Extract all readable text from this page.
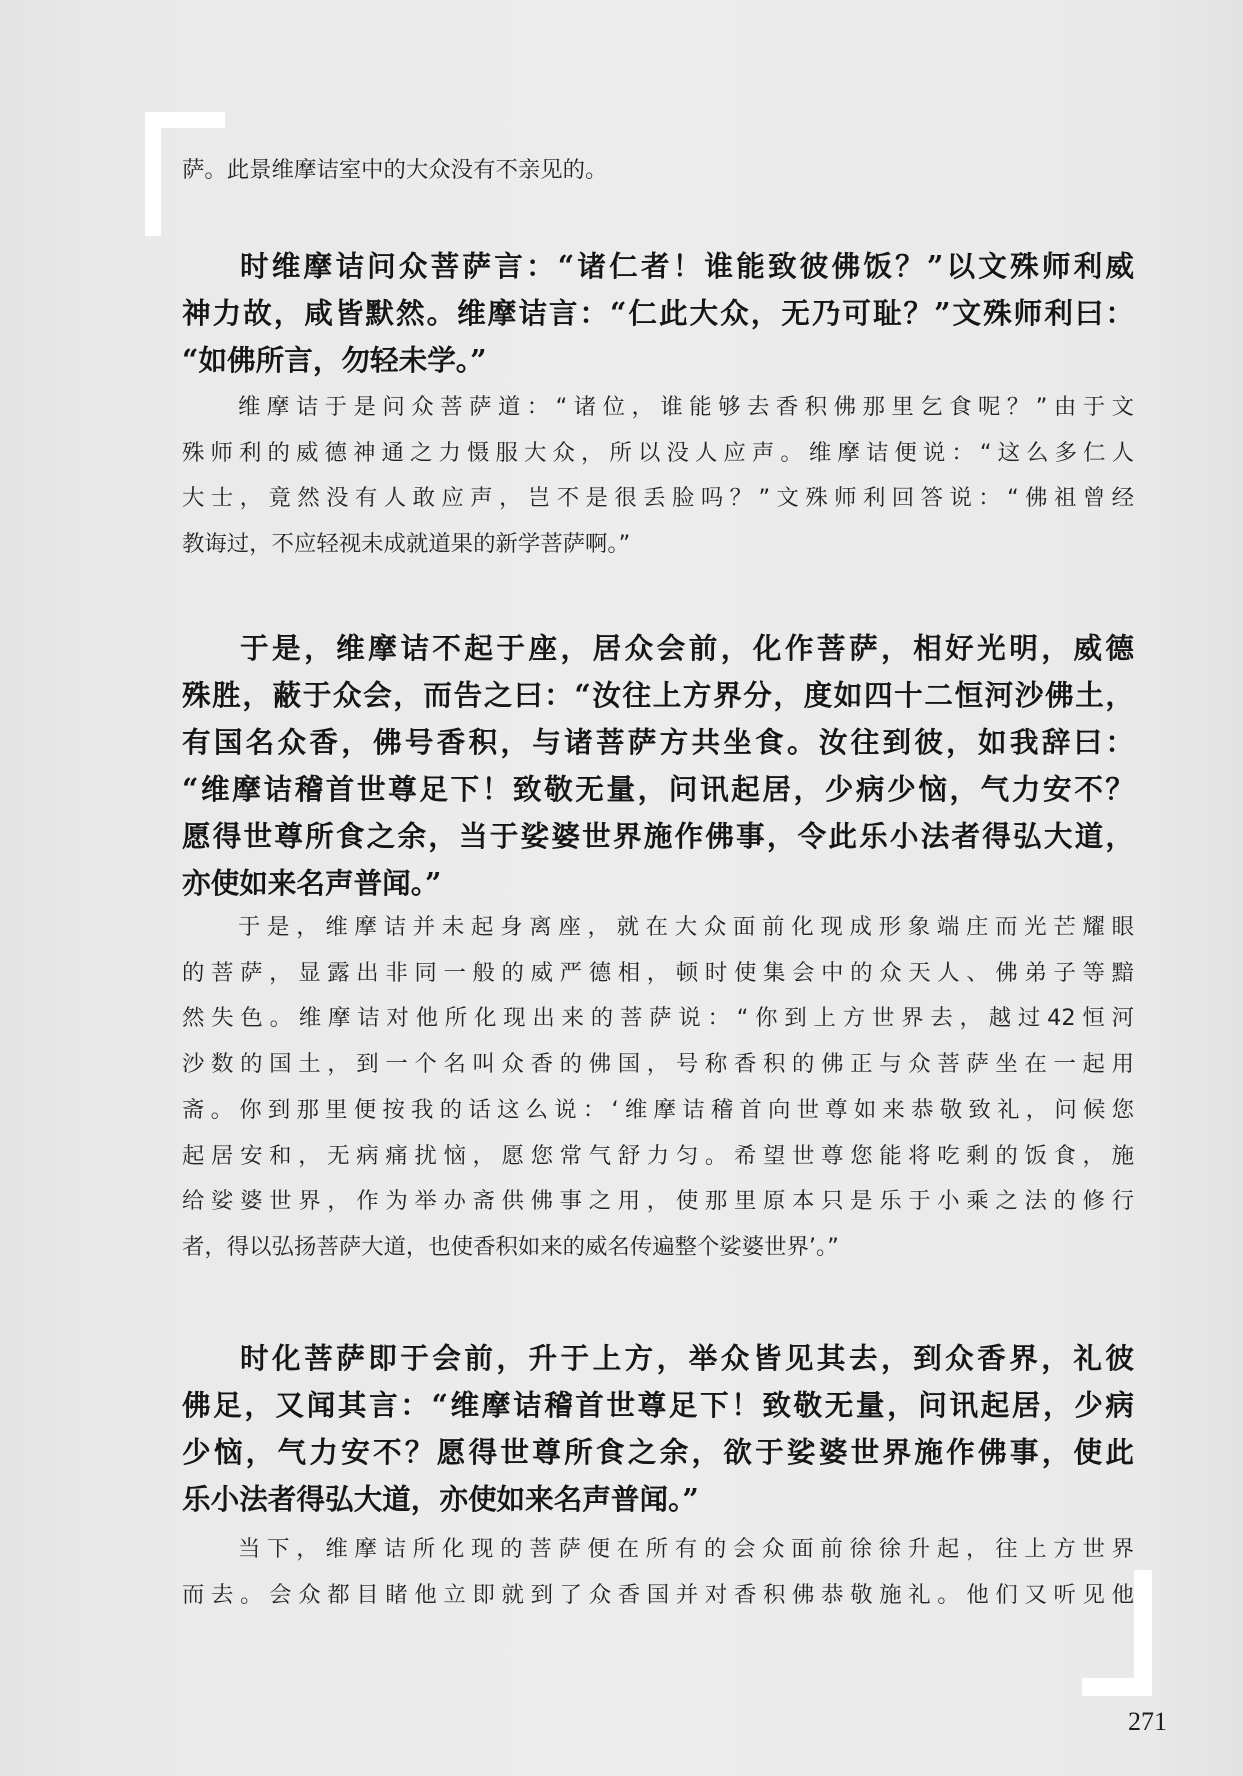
萨。此景维摩诘室中的大众没有不亲见的。
时维摩诘问众菩萨言：“诸仁者！谁能致彼佛饭？”以文殊师利威
神力故，咸皆默然。维摩诘言：“仁此大众，无乃可耻？”文殊师利曰：
“如佛所言，勿轻未学。”
维摩诘于是问众菩萨道：“诸位，谁能够去香积佛那里乞食呢？”由于文
殊师利的威德神通之力慑服大众，所以没人应声。维摩诘便说：“这么多仁人
大士，竟然没有人敢应声，岂不是很丢脸吗？”文殊师利回答说：“佛祖曾经
教诲过，不应轻视未成就道果的新学菩萨啊。”
于是，维摩诘不起于座，居众会前，化作菩萨，相好光明，威德
殊胜，蔽于众会，而告之曰：“汝往上方界分，度如四十二恒河沙佛土，
有国名众香，佛号香积，与诸菩萨方共坐食。汝往到彼，如我辞曰：
“维摩诘稽首世尊足下！致敬无量，问讯起居，少病少恼，气力安不？
愿得世尊所食之余，当于娑婆世界施作佛事，令此乐小法者得弘大道，
亦使如来名声普闻。”
于是，维摩诘并未起身离座，就在大众面前化现成形象端庄而光芒耀眼
的菩萨，显露出非同一般的威严德相，顿时使集会中的众天人、佛弟子等黯
然失色。维摩诘对他所化现出来的菩萨说：“你到上方世界去，越过42恒河
沙数的国土，到一个名叫众香的佛国，号称香积的佛正与众菩萨坐在一起用
斋。你到那里便按我的话这么说：‘维摩诘稽首向世尊如来恭敬致礼，问候您
起居安和，无病痛扰恼，愿您常气舒力匀。希望世尊您能将吃剩的饭食，施
给娑婆世界，作为举办斋供佛事之用，使那里原本只是乐于小乘之法的修行
者，得以弘扬菩萨大道，也使香积如来的威名传遍整个娑婆世界’。”
时化菩萨即于会前，升于上方，举众皆见其去，到众香界，礼彼
佛足，又闻其言：“维摩诘稽首世尊足下！致敬无量，问讯起居，少病
少恼，气力安不？愿得世尊所食之余，欲于娑婆世界施作佛事，使此
乐小法者得弘大道，亦使如来名声普闻。”
当下，维摩诘所化现的菩萨便在所有的会众面前徐徐升起，往上方世界
而去。会众都目睹他立即就到了众香国并对香积佛恭敬施礼。他们又听见他
271
